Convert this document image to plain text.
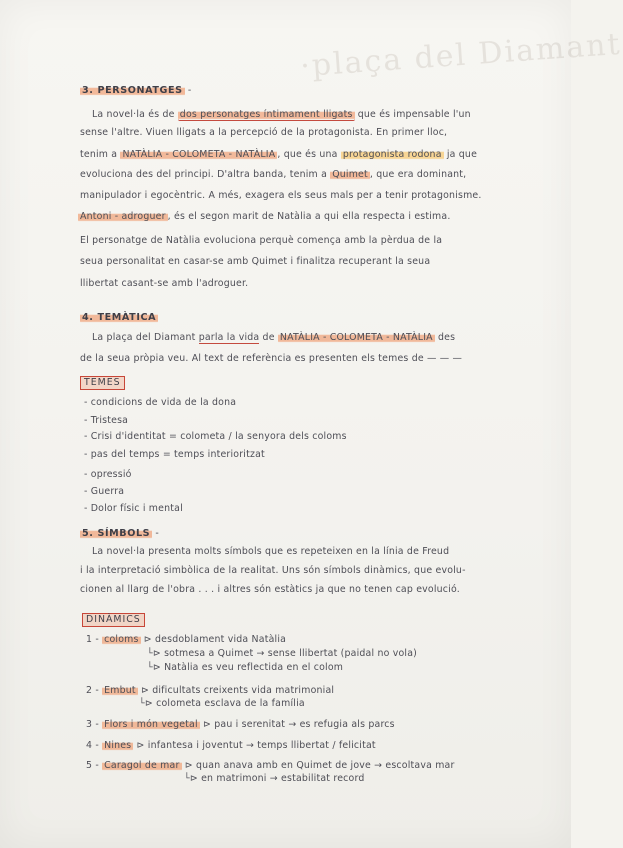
·plaça del Diamant
3. PERSONATGES -
La novel·la és de dos personatges íntimament lligats que és impensable l'un
sense l'altre. Viuen lligats a la percepció de la protagonista. En primer lloc,
tenim a NATÀLIA - COLOMETA - NATÀLIA , que és una protagonista rodona ja que
evoluciona des del principi. D'altra banda, tenim a Quimet , que era dominant,
manipulador i egocèntric. A més, exagera els seus mals per a tenir protagonisme.
Antoni - adroguer , és el segon marit de Natàlia a qui ella respecta i estima.
El personatge de Natàlia evoluciona perquè comença amb la pèrdua de la
seua personalitat en casar-se amb Quimet i finalitza recuperant la seua
llibertat casant-se amb l'adroguer.
4. TEMÀTICA
La plaça del Diamant parla la vida de NATÀLIA - COLOMETA - NATÀLIA des
de la seua pròpia veu. Al text de referència es presenten els temes de — — —
TEMES
- condicions de vida de la dona
- Tristesa
- Crisi d'identitat = colometa / la senyora dels coloms
- pas del temps = temps interioritzat
- opressió
- Guerra
- Dolor físic i mental
5. SÍMBOLS -
La novel·la presenta molts símbols que es repeteixen en la línia de Freud
i la interpretació simbòlica de la realitat. Uns són símbols dinàmics, que evolu-
cionen al llarg de l'obra . . . i altres són estàtics ja que no tenen cap evolució.
DINÀMICS
1 - coloms ⊳ desdoblament vida Natàlia
└⊳ sotmesa a Quimet → sense llibertat (paidal no vola)
└⊳ Natàlia es veu reflectida en el colom
2 - Embut ⊳ dificultats creixents vida matrimonial
└⊳ colometa esclava de la família
3 - Flors i món vegetal ⊳ pau i serenitat → es refugia als parcs
4 - Nines ⊳ infantesa i joventut → temps llibertat / felicitat
5 - Caragol de mar ⊳ quan anava amb en Quimet de jove → escoltava mar
└⊳ en matrimoni → estabilitat record
